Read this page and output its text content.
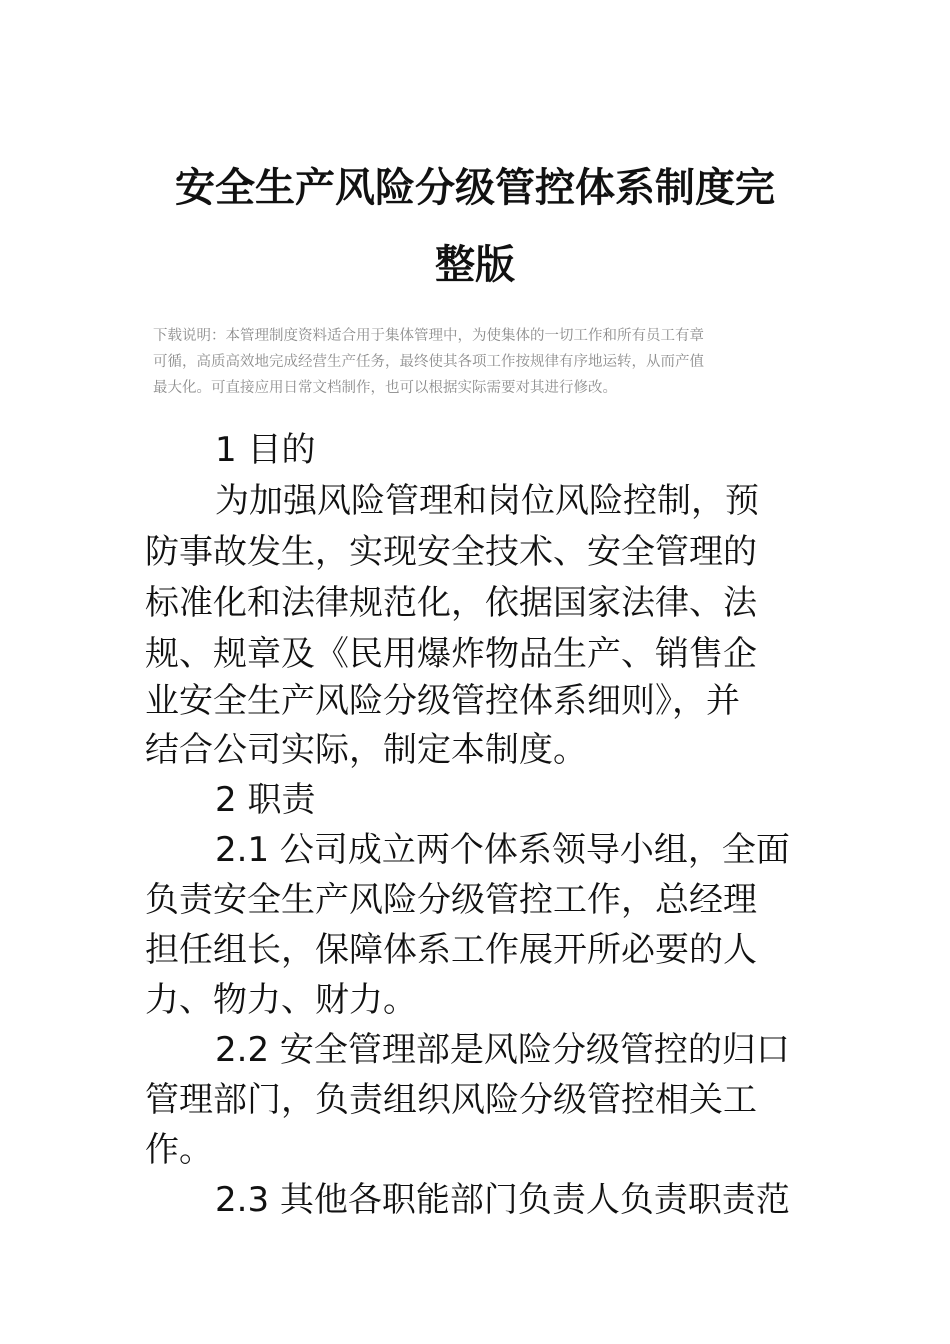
安全生产风险分级管控体系制度完
整版
下载说明：本管理制度资料适合用于集体管理中，为使集体的一切工作和所有员工有章
可循，高质高效地完成经营生产任务，最终使其各项工作按规律有序地运转，从而产值
最大化。可直接应用日常文档制作，也可以根据实际需要对其进行修改。
1 目的
为加强风险管理和岗位风险控制，预
防事故发生，实现安全技术、安全管理的
标准化和法律规范化，依据国家法律、法
规、规章及《民用爆炸物品生产、销售企
业安全生产风险分级管控体系细则》，并
结合公司实际，制定本制度。
2 职责
2.1 公司成立两个体系领导小组，全面
负责安全生产风险分级管控工作，总经理
担任组长，保障体系工作展开所必要的人
力、物力、财力。
2.2 安全管理部是风险分级管控的归口
管理部门，负责组织风险分级管控相关工
作。
2.3 其他各职能部门负责人负责职责范
